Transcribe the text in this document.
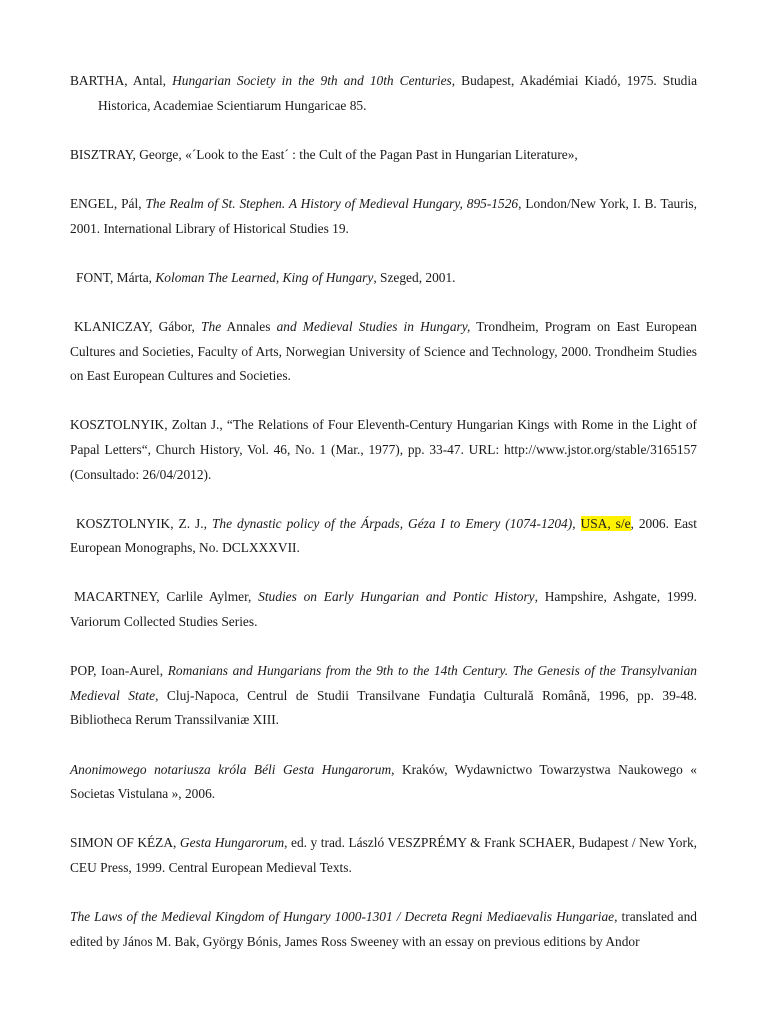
BARTHA, Antal, Hungarian Society in the 9th and 10th Centuries, Budapest, Akadémiai Kiadó, 1975. Studia Historica, Academiae Scientiarum Hungaricae 85.

BISZTRAY, George, «´Look to the East´ : the Cult of the Pagan Past in Hungarian Literature»,

ENGEL, Pál, The Realm of St. Stephen. A History of Medieval Hungary, 895-1526, London/New York, I. B. Tauris, 2001. International Library of Historical Studies 19.

FONT, Márta, Koloman The Learned, King of Hungary, Szeged, 2001.

KLANICZAY, Gábor, The Annales and Medieval Studies in Hungary, Trondheim, Program on East European Cultures and Societies, Faculty of Arts, Norwegian University of Science and Technology, 2000. Trondheim Studies on East European Cultures and Societies.

KOSZTOLNYIK, Zoltan J., “The Relations of Four Eleventh-Century Hungarian Kings with Rome in the Light of Papal Letters“, Church History, Vol. 46, No. 1 (Mar., 1977), pp. 33-47. URL: http://www.jstor.org/stable/3165157 (Consultado: 26/04/2012).

KOSZTOLNYIK, Z. J., The dynastic policy of the Árpads, Géza I to Emery (1074-1204), USA, s/e, 2006. East European Monographs, No. DCLXXXVII.

MACARTNEY, Carlile Aylmer, Studies on Early Hungarian and Pontic History, Hampshire, Ashgate, 1999. Variorum Collected Studies Series.

POP, Ioan-Aurel, Romanians and Hungarians from the 9th to the 14th Century. The Genesis of the Transylvanian Medieval State, Cluj-Napoca, Centrul de Studii Transilvane Fundaţia Culturală Română, 1996, pp. 39-48. Bibliotheca Rerum Transsilvaniæ XIII.

Anonimowego notariusza króla Béli Gesta Hungarorum, Kraków, Wydawnictwo Towarzystwa Naukowego « Societas Vistulana », 2006.

SIMON OF KÉZA, Gesta Hungarorum, ed. y trad. László VESZPRÉMY & Frank SCHAER, Budapest / New York, CEU Press, 1999. Central European Medieval Texts.

The Laws of the Medieval Kingdom of Hungary 1000-1301 / Decreta Regni Mediaevalis Hungariae, translated and edited by János M. Bak, György Bónis, James Ross Sweeney with an essay on previous editions by Andor
